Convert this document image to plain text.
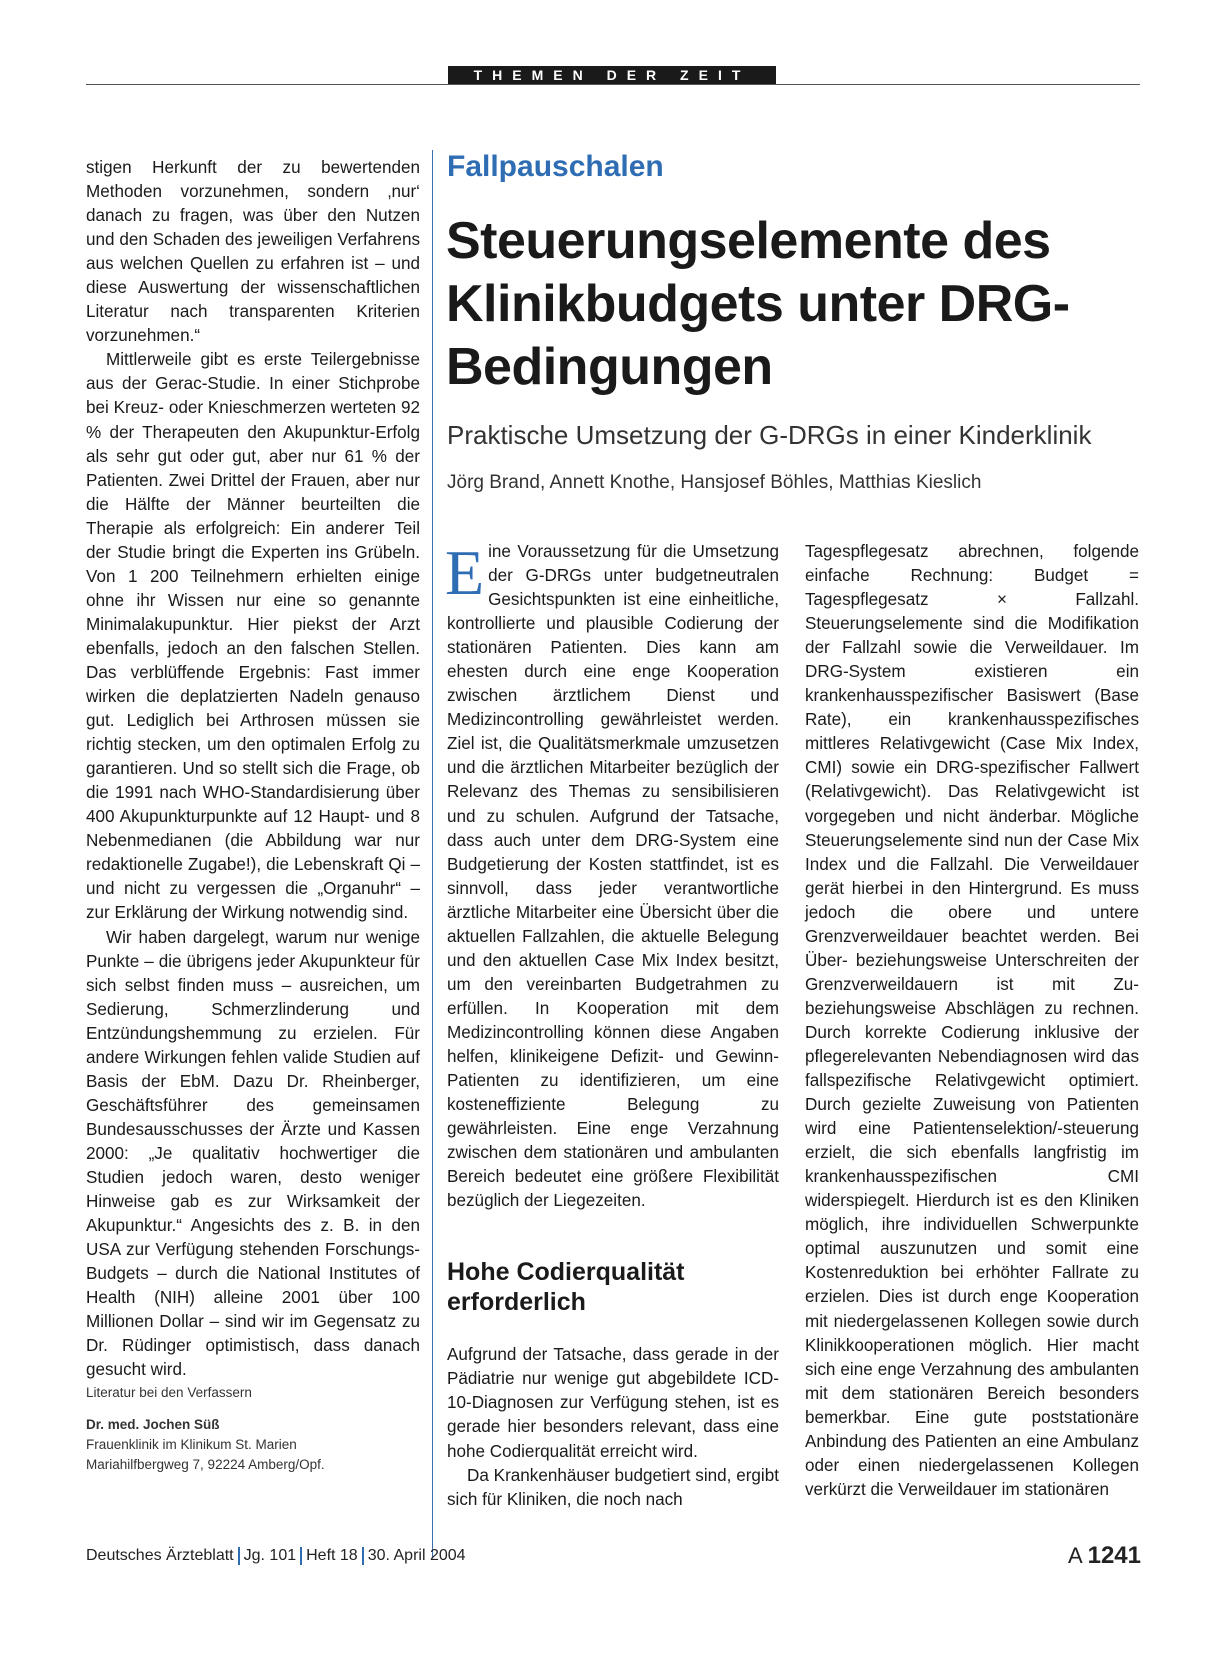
THEMEN DER ZEIT

stigen Herkunft der zu bewertenden Methoden vorzunehmen, sondern ‚nur‘ danach zu fragen, was über den Nutzen und den Schaden des jeweiligen Verfahrens aus welchen Quellen zu erfahren ist – und diese Auswertung der wissenschaftlichen Literatur nach transparenten Kriterien vorzunehmen.“

Mittlerweile gibt es erste Teilergebnisse aus der Gerac-Studie. In einer Stichprobe bei Kreuz- oder Knieschmerzen werteten 92 % der Therapeuten den Akupunktur-Erfolg als sehr gut oder gut, aber nur 61 % der Patienten. Zwei Drittel der Frauen, aber nur die Hälfte der Männer beurteilten die Therapie als erfolgreich: Ein anderer Teil der Studie bringt die Experten ins Grübeln. Von 1 200 Teilnehmern erhielten einige ohne ihr Wissen nur eine so genannte Minimalakupunktur. Hier piekst der Arzt ebenfalls, jedoch an den falschen Stellen. Das verblüffende Ergebnis: Fast immer wirken die deplatzierten Nadeln genauso gut. Lediglich bei Arthrosen müssen sie richtig stecken, um den optimalen Erfolg zu garantieren. Und so stellt sich die Frage, ob die 1991 nach WHO-Standardisierung über 400 Akupunkturpunkte auf 12 Haupt- und 8 Nebenmedianen (die Abbildung war nur redaktionelle Zugabe!), die Lebenskraft Qi – und nicht zu vergessen die „Organuhr“ – zur Erklärung der Wirkung notwendig sind.

Wir haben dargelegt, warum nur wenige Punkte – die übrigens jeder Akupunkteur für sich selbst finden muss – ausreichen, um Sedierung, Schmerzlinderung und Entzündungshemmung zu erzielen. Für andere Wirkungen fehlen valide Studien auf Basis der EbM. Dazu Dr. Rheinberger, Geschäftsführer des gemeinsamen Bundesausschusses der Ärzte und Kassen 2000: „Je qualitativ hochwertiger die Studien jedoch waren, desto weniger Hinweise gab es zur Wirksamkeit der Akupunktur.“ Angesichts des z. B. in den USA zur Verfügung stehenden Forschungs-Budgets – durch die National Institutes of Health (NIH) alleine 2001 über 100 Millionen Dollar – sind wir im Gegensatz zu Dr. Rüdinger optimistisch, dass danach gesucht wird.

Literatur bei den Verfassern
Dr. med. Jochen Süß
Frauenklinik im Klinikum St. Marien
Mariahilfbergweg 7, 92224 Amberg/Opf.
Fallpauschalen
Steuerungselemente des Klinikbudgets unter DRG-Bedingungen
Praktische Umsetzung der G-DRGs in einer Kinderklinik
Jörg Brand, Annett Knothe, Hansjosef Böhles, Matthias Kieslich

Eine Voraussetzung für die Umsetzung der G-DRGs unter budgetneutralen Gesichtspunkten ist eine einheitliche, kontrollierte und plausible Codierung der stationären Patienten. Dies kann am ehesten durch eine enge Kooperation zwischen ärztlichem Dienst und Medizincontrolling gewährleistet werden. Ziel ist, die Qualitätsmerkmale umzusetzen und die ärztlichen Mitarbeiter bezüglich der Relevanz des Themas zu sensibilisieren und zu schulen. Aufgrund der Tatsache, dass auch unter dem DRG-System eine Budgetierung der Kosten stattfindet, ist es sinnvoll, dass jeder verantwortliche ärztliche Mitarbeiter eine Übersicht über die aktuellen Fallzahlen, die aktuelle Belegung und den aktuellen Case Mix Index besitzt, um den vereinbarten Budgetrahmen zu erfüllen. In Kooperation mit dem Medizincontrolling können diese Angaben helfen, klinikeigene Defizit- und Gewinn-Patienten zu identifizieren, um eine kosteneffiziente Belegung zu gewährleisten. Eine enge Verzahnung zwischen dem stationären und ambulanten Bereich bedeutet eine größere Flexibilität bezüglich der Liegezeiten.

Hohe Codierqualität erforderlich

Aufgrund der Tatsache, dass gerade in der Pädiatrie nur wenige gut abgebildete ICD-10-Diagnosen zur Verfügung stehen, ist es gerade hier besonders relevant, dass eine hohe Codierqualität erreicht wird.

Da Krankenhäuser budgetiert sind, ergibt sich für Kliniken, die noch nach

Tagespflegesatz abrechnen, folgende einfache Rechnung: Budget = Tagespflegesatz × Fallzahl. Steuerungselemente sind die Modifikation der Fallzahl sowie die Verweildauer. Im DRG-System existieren ein krankenhausspezifischer Basiswert (Base Rate), ein krankenhausspezifisches mittleres Relativgewicht (Case Mix Index, CMI) sowie ein DRG-spezifischer Fallwert (Relativgewicht). Das Relativgewicht ist vorgegeben und nicht änderbar. Mögliche Steuerungselemente sind nun der Case Mix Index und die Fallzahl. Die Verweildauer gerät hierbei in den Hintergrund. Es muss jedoch die obere und untere Grenzverweildauer beachtet werden. Bei Über- beziehungsweise Unterschreiten der Grenzverweildauern ist mit Zu- beziehungsweise Abschlägen zu rechnen. Durch korrekte Codierung inklusive der pflegerelevanten Nebendiagnosen wird das fallspezifische Relativgewicht optimiert. Durch gezielte Zuweisung von Patienten wird eine Patientenselektion/-steuerung erzielt, die sich ebenfalls langfristig im krankenhausspezifischen CMI widerspiegelt. Hierdurch ist es den Kliniken möglich, ihre individuellen Schwerpunkte optimal auszunutzen und somit eine Kostenreduktion bei erhöhter Fallrate zu erzielen. Dies ist durch enge Kooperation mit niedergelassenen Kollegen sowie durch Klinikkooperationen möglich. Hier macht sich eine enge Verzahnung des ambulanten mit dem stationären Bereich besonders bemerkbar. Eine gute poststationäre Anbindung des Patienten an eine Ambulanz oder einen niedergelassenen Kollegen verkürzt die Verweildauer im stationären

Deutsches Ärzteblatt Jg. 101 Heft 18 30. April 2004	A 1241
